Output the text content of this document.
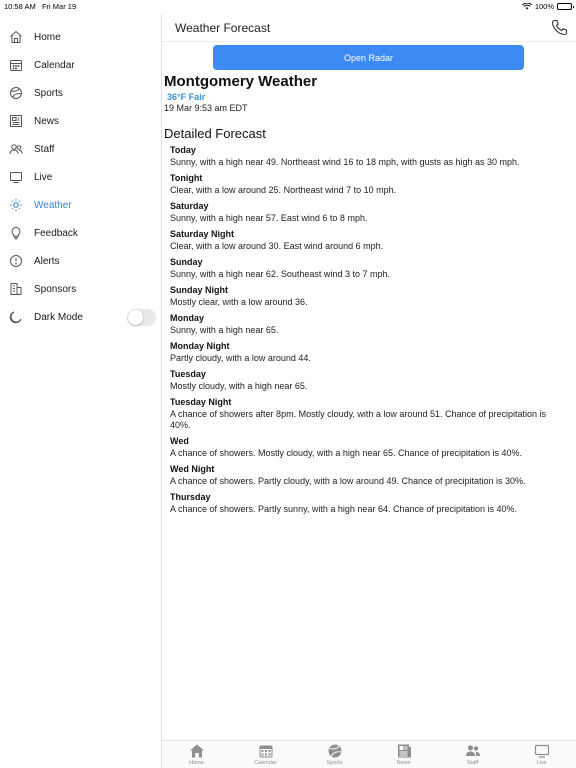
10:58 AM Fri Mar 19	100%
Home
Calendar
Sports
News
Staff
Live
Weather
Feedback
Alerts
Sponsors
Dark Mode
Weather Forecast
Open Radar
Montgomery Weather
36°F Fair
19 Mar 9:53 am EDT
Detailed Forecast
Today
Sunny, with a high near 49. Northeast wind 16 to 18 mph, with gusts as high as 30 mph.
Tonight
Clear, with a low around 25. Northeast wind 7 to 10 mph.
Saturday
Sunny, with a high near 57. East wind 6 to 8 mph.
Saturday Night
Clear, with a low around 30. East wind around 6 mph.
Sunday
Sunny, with a high near 62. Southeast wind 3 to 7 mph.
Sunday Night
Mostly clear, with a low around 36.
Monday
Sunny, with a high near 65.
Monday Night
Partly cloudy, with a low around 44.
Tuesday
Mostly cloudy, with a high near 65.
Tuesday Night
A chance of showers after 8pm. Mostly cloudy, with a low around 51. Chance of precipitation is 40%.
Wed
A chance of showers. Mostly cloudy, with a high near 65. Chance of precipitation is 40%.
Wed Night
A chance of showers. Partly cloudy, with a low around 49. Chance of precipitation is 30%.
Thursday
A chance of showers. Partly sunny, with a high near 64. Chance of precipitation is 40%.
Home	Calendar	Sports	News	Staff	Live
